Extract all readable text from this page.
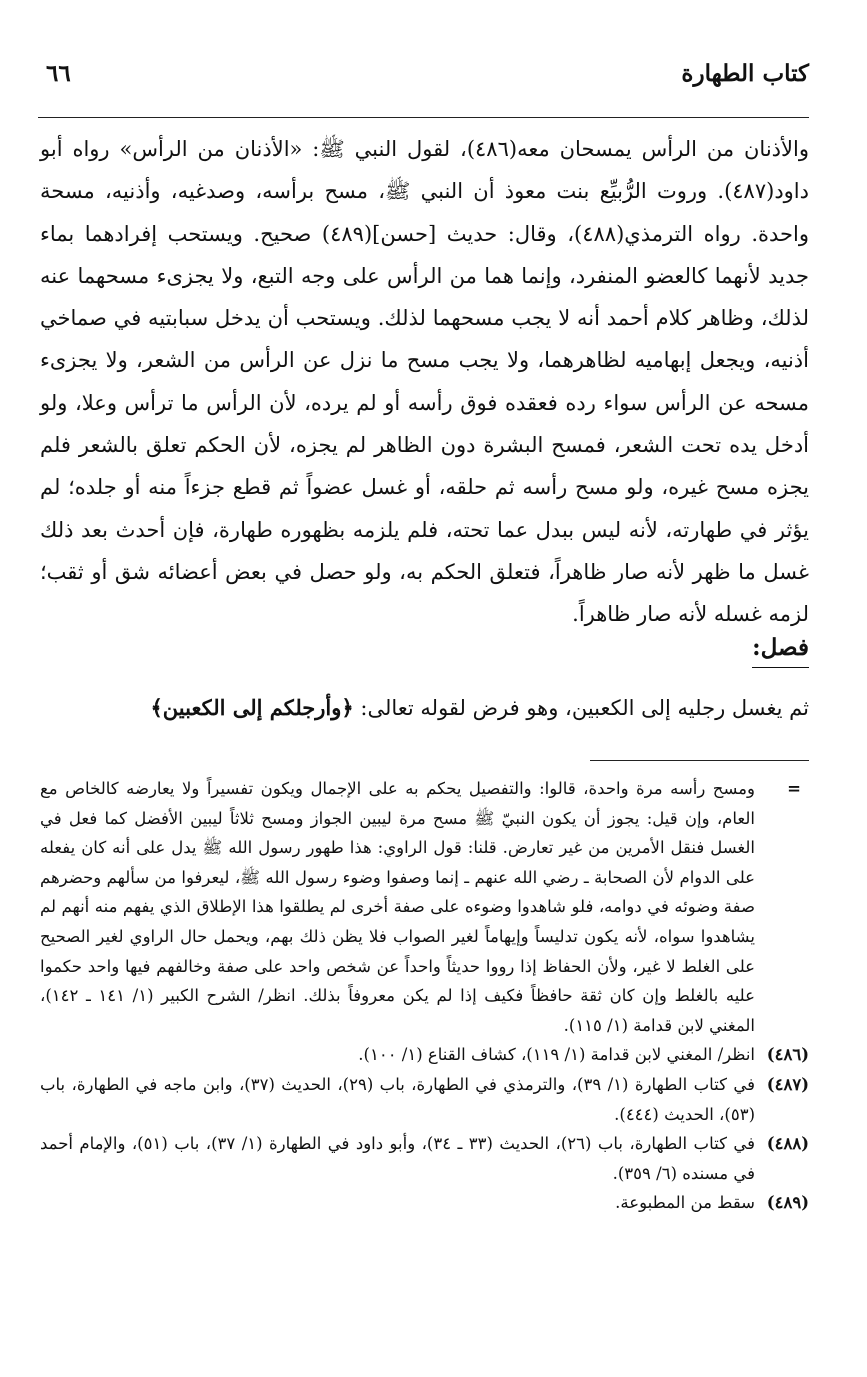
كتاب الطهارة
٦٦

والأذنان من الرأس يمسحان معه(٤٨٦)، لقول النبي ﷺ: «الأذنان من الرأس» رواه أبو داود(٤٨٧). وروت الرُّبيِّع بنت معوذ أن النبي ﷺ، مسح برأسه، وصدغيه، وأذنيه، مسحة واحدة. رواه الترمذي(٤٨٨)، وقال: حديث [حسن](٤٨٩) صحيح. ويستحب إفرادهما بماء جديد لأنهما كالعضو المنفرد، وإنما هما من الرأس على وجه التبع، ولا يجزىء مسحهما عنه لذلك، وظاهر كلام أحمد أنه لا يجب مسحهما لذلك. ويستحب أن يدخل سبابتيه في صماخي أذنيه، ويجعل إبهاميه لظاهرهما، ولا يجب مسح ما نزل عن الرأس من الشعر، ولا يجزىء مسحه عن الرأس سواء رده فعقده فوق رأسه أو لم يرده، لأن الرأس ما ترأس وعلا، ولو أدخل يده تحت الشعر، فمسح البشرة دون الظاهر لم يجزه، لأن الحكم تعلق بالشعر فلم يجزه مسح غيره، ولو مسح رأسه ثم حلقه، أو غسل عضواً ثم قطع جزءاً منه أو جلده؛ لم يؤثر في طهارته، لأنه ليس ببدل عما تحته، فلم يلزمه بظهوره طهارة، فإن أحدث بعد ذلك غسل ما ظهر لأنه صار ظاهراً، فتعلق الحكم به، ولو حصل في بعض أعضائه شق أو ثقب؛ لزمه غسله لأنه صار ظاهراً.

فصل:
ثم يغسل رجليه إلى الكعبين، وهو فرض لقوله تعالى: ﴿وأرجلكم إلى الكعبين﴾
=
ومسح رأسه مرة واحدة، قالوا: والتفصيل يحكم به على الإجمال ويكون تفسيراً ولا يعارضه كالخاص مع العام، وإن قيل: يجوز أن يكون النبيّ ﷺ مسح مرة ليبين الجواز ومسح ثلاثاً ليبين الأفضل كما فعل في الغسل فنقل الأمرين من غير تعارض. قلنا: قول الراوي: هذا طهور رسول الله ﷺ يدل على أنه كان يفعله على الدوام لأن الصحابة ـ رضي الله عنهم ـ إنما وصفوا وضوء رسول الله ﷺ، ليعرفوا من سألهم وحضرهم صفة وضوئه في دوامه، فلو شاهدوا وضوءه على صفة أخرى لم يطلقوا هذا الإطلاق الذي يفهم منه أنهم لم يشاهدوا سواه، لأنه يكون تدليساً وإيهاماً لغير الصواب فلا يظن ذلك بهم، ويحمل حال الراوي لغير الصحيح على الغلط لا غير، ولأن الحفاظ إذا رووا حديثاً واحداً عن شخص واحد على صفة وخالفهم فيها واحد حكموا عليه بالغلط وإن كان ثقة حافظاً فكيف إذا لم يكن معروفاً بذلك. انظر/ الشرح الكبير (١/ ١٤١ ـ ١٤٢)، المغني لابن قدامة (١/ ١١٥).
(٤٨٦)
انظر/ المغني لابن قدامة (١/ ١١٩)، كشاف القناع (١/ ١٠٠).
(٤٨٧)
في كتاب الطهارة (١/ ٣٩)، والترمذي في الطهارة، باب (٢٩)، الحديث (٣٧)، وابن ماجه في الطهارة، باب (٥٣)، الحديث (٤٤٤).
(٤٨٨)
في كتاب الطهارة، باب (٢٦)، الحديث (٣٣ ـ ٣٤)، وأبو داود في الطهارة (١/ ٣٧)، باب (٥١)، والإمام أحمد في مسنده (٦/ ٣٥٩).
(٤٨٩)
سقط من المطبوعة.
